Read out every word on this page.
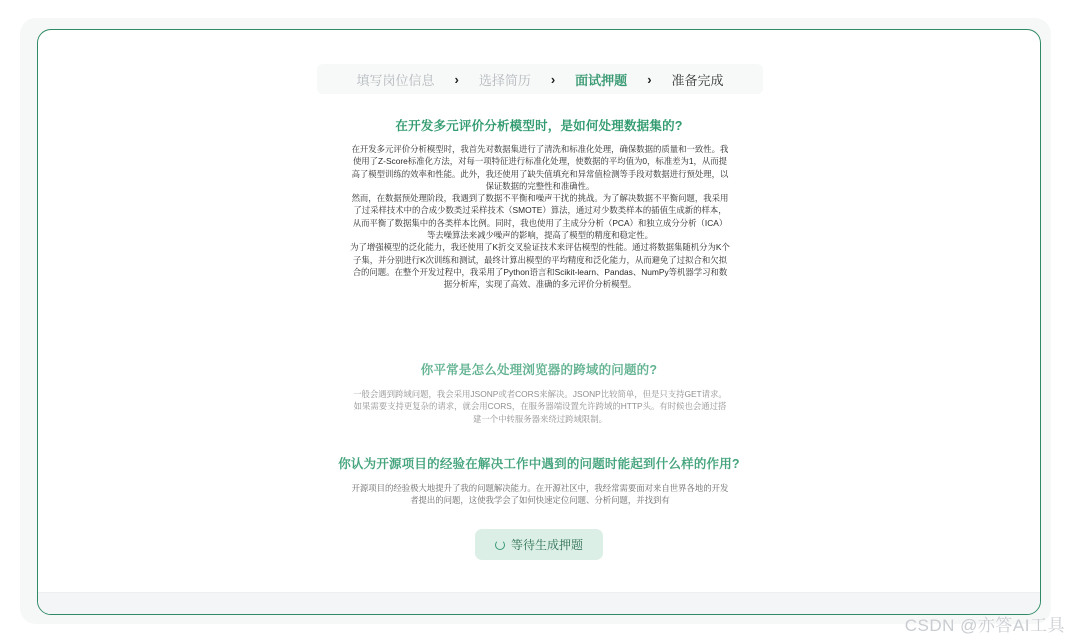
填写岗位信息	›	选择简历	›	面试押题	›	准备完成
在开发多元评价分析模型时，是如何处理数据集的?

在开发多元评价分析模型时，我首先对数据集进行了清洗和标准化处理，确保数据的质量和一致性。我使用了Z-Score标准化方法，对每一项特征进行标准化处理，使数据的平均值为0，标准差为1，从而提高了模型训练的效率和性能。此外，我还使用了缺失值填充和异常值检测等手段对数据进行预处理，以保证数据的完整性和准确性。

然而，在数据预处理阶段，我遇到了数据不平衡和噪声干扰的挑战。为了解决数据不平衡问题，我采用了过采样技术中的合成少数类过采样技术（SMOTE）算法，通过对少数类样本的插值生成新的样本，从而平衡了数据集中的各类样本比例。同时，我也使用了主成分分析（PCA）和独立成分分析（ICA）等去噪算法来减少噪声的影响，提高了模型的精度和稳定性。

为了增强模型的泛化能力，我还使用了K折交叉验证技术来评估模型的性能。通过将数据集随机分为K个子集，并分别进行K次训练和测试，最终计算出模型的平均精度和泛化能力，从而避免了过拟合和欠拟合的问题。在整个开发过程中，我采用了Python语言和Scikit-learn、Pandas、NumPy等机器学习和数据分析库，实现了高效、准确的多元评价分析模型。

你平常是怎么处理浏览器的跨域的问题的?

一般会遇到跨域问题，我会采用JSONP或者CORS来解决。JSONP比较简单，但是只支持GET请求。如果需要支持更复杂的请求，就会用CORS，在服务器端设置允许跨域的HTTP头。有时候也会通过搭建一个中转服务器来绕过跨域限制。

你认为开源项目的经验在解决工作中遇到的问题时能起到什么样的作用?

开源项目的经验极大地提升了我的问题解决能力。在开源社区中，我经常需要面对来自世界各地的开发者提出的问题，这使我学会了如何快速定位问题、分析问题，并找到有

等待生成押题
CSDN @亦答AI工具
